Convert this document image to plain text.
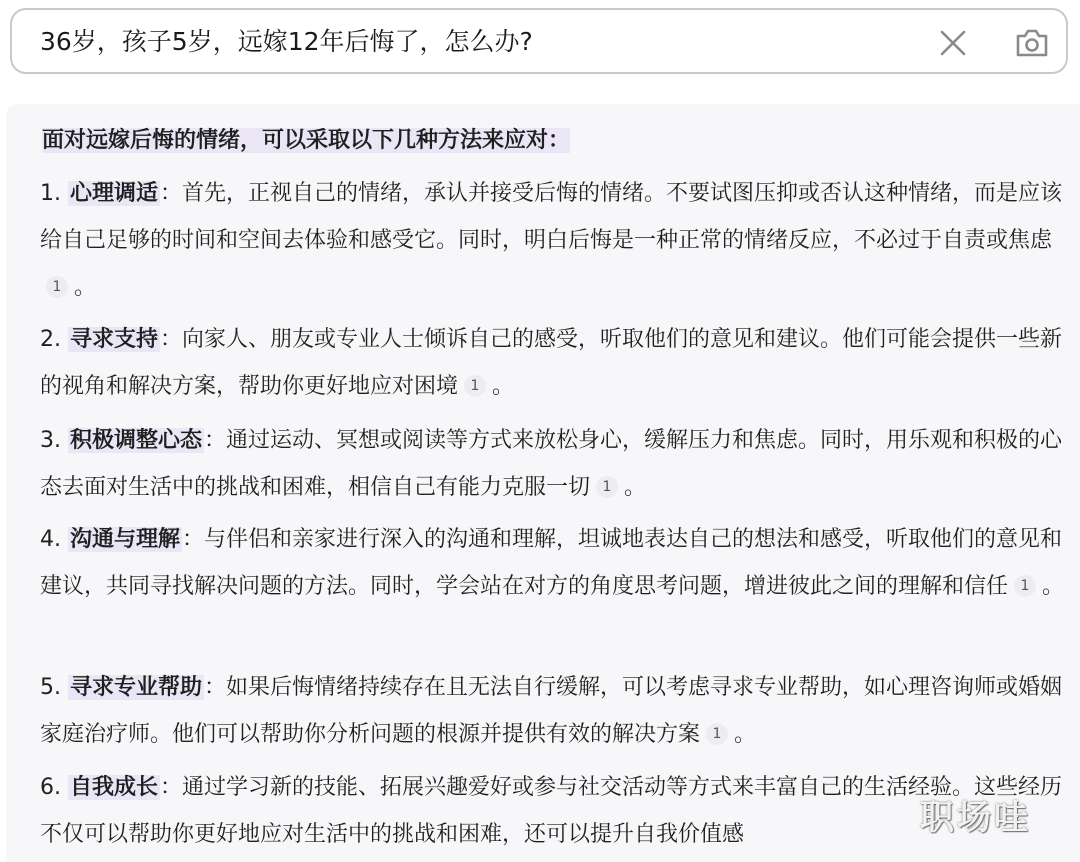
36岁，孩子5岁，远嫁12年后悔了，怎么办?
面对远嫁后悔的情绪，可以采取以下几种方法来应对：
1. 心理调适：首先，正视自己的情绪，承认并接受后悔的情绪。不要试图压抑或否认这种情绪，而是应该给自己足够的时间和空间去体验和感受它。同时，明白后悔是一种正常的情绪反应，不必过于自责或焦虑1 。
2. 寻求支持：向家人、朋友或专业人士倾诉自己的感受，听取他们的意见和建议。他们可能会提供一些新的视角和解决方案，帮助你更好地应对困境 1 。
3. 积极调整心态：通过运动、冥想或阅读等方式来放松身心，缓解压力和焦虑。同时，用乐观和积极的心态去面对生活中的挑战和困难，相信自己有能力克服一切 1 。
4. 沟通与理解：与伴侣和亲家进行深入的沟通和理解，坦诚地表达自己的想法和感受，听取他们的意见和建议，共同寻找解决问题的方法。同时，学会站在对方的角度思考问题，增进彼此之间的理解和信任 1 。
5. 寻求专业帮助：如果后悔情绪持续存在且无法自行缓解，可以考虑寻求专业帮助，如心理咨询师或婚姻家庭治疗师。他们可以帮助你分析问题的根源并提供有效的解决方案 1 。
6. 自我成长：通过学习新的技能、拓展兴趣爱好或参与社交活动等方式来丰富自己的生活经验。这些经历不仅可以帮助你更好地应对生活中的挑战和困难，还可以提升自我价值感	职场哇
